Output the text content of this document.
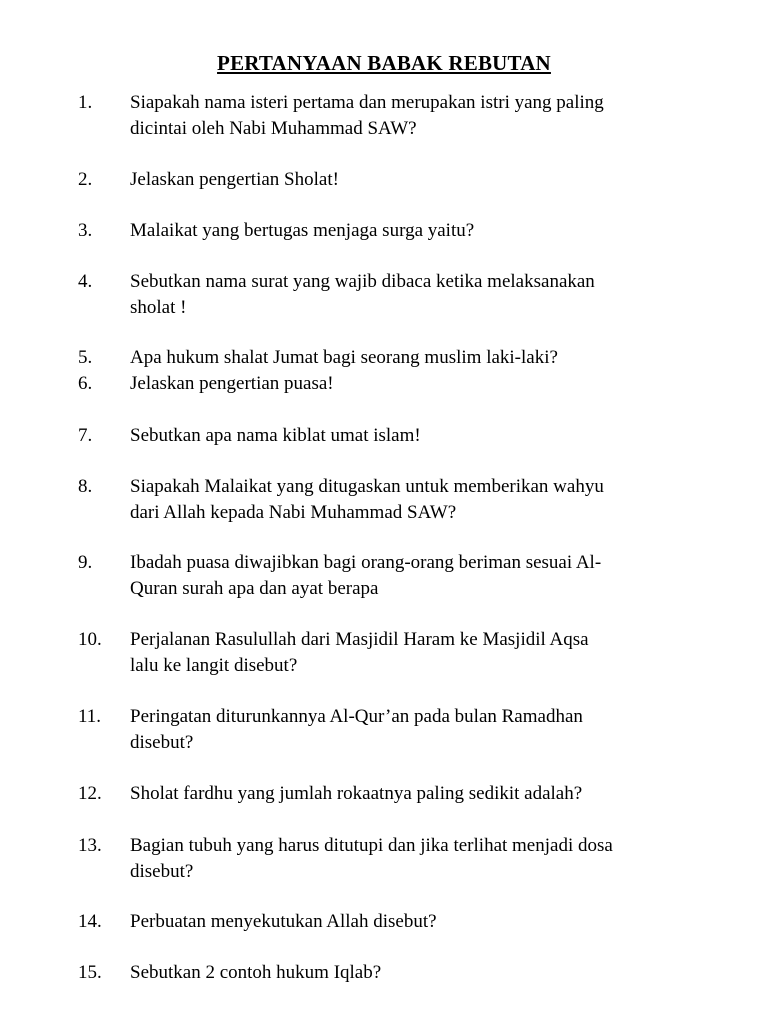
PERTANYAAN BABAK REBUTAN
1.	Siapakah nama isteri pertama dan merupakan istri yang paling
dicintai oleh Nabi Muhammad SAW?
2.	Jelaskan pengertian Sholat!
3.	Malaikat yang bertugas menjaga surga yaitu?
4.	Sebutkan nama surat yang wajib dibaca ketika melaksanakan
sholat !
5.	Apa hukum shalat Jumat bagi seorang muslim laki-laki?
6.	Jelaskan pengertian puasa!
7.	Sebutkan apa nama kiblat umat islam!
8.	Siapakah Malaikat yang ditugaskan untuk memberikan wahyu
dari Allah kepada Nabi Muhammad SAW?
9.	Ibadah puasa diwajibkan bagi orang-orang beriman sesuai Al-
Quran surah apa dan ayat berapa
10.	Perjalanan Rasulullah dari Masjidil Haram ke Masjidil Aqsa
lalu ke langit disebut?
11.	Peringatan diturunkannya Al-Qur’an pada bulan Ramadhan
disebut?
12.	Sholat fardhu yang jumlah rokaatnya paling sedikit adalah?
13.	Bagian tubuh yang harus ditutupi dan jika terlihat menjadi dosa
disebut?
14.	Perbuatan menyekutukan Allah disebut?
15.	Sebutkan 2 contoh hukum Iqlab?
